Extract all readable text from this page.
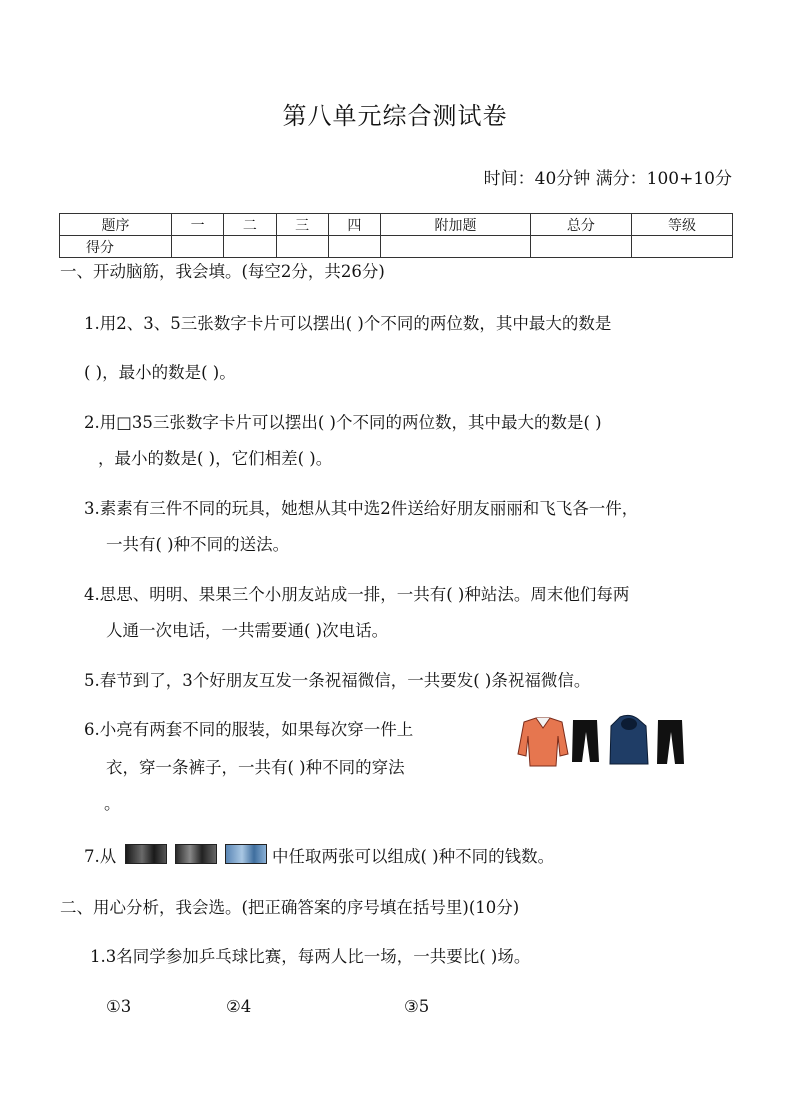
第八单元综合测试卷
时间：40分钟 满分：100+10分
题序	一	二	三	四	附加题	总分	等级
得分							
一、开动脑筋，我会填。(每空2分，共26分)
1.用2、3、5三张数字卡片可以摆出( )个不同的两位数，其中最大的数是
( )，最小的数是( )。
2.用□35三张数字卡片可以摆出( )个不同的两位数，其中最大的数是( )
，最小的数是( )，它们相差( )。
3.素素有三件不同的玩具，她想从其中选2件送给好朋友丽丽和飞飞各一件，
一共有( )种不同的送法。
4.思思、明明、果果三个小朋友站成一排，一共有( )种站法。周末他们每两
人通一次电话，一共需要通( )次电话。
5.春节到了，3个好朋友互发一条祝福微信，一共要发( )条祝福微信。
6.小亮有两套不同的服装，如果每次穿一件上
衣，穿一条裤子，一共有( )种不同的穿法
。
7.从	中任取两张可以组成( )种不同的钱数。
二、用心分析，我会选。(把正确答案的序号填在括号里)(10分)
1.3名同学参加乒乓球比赛，每两人比一场，一共要比( )场。
①3	②4	③5
